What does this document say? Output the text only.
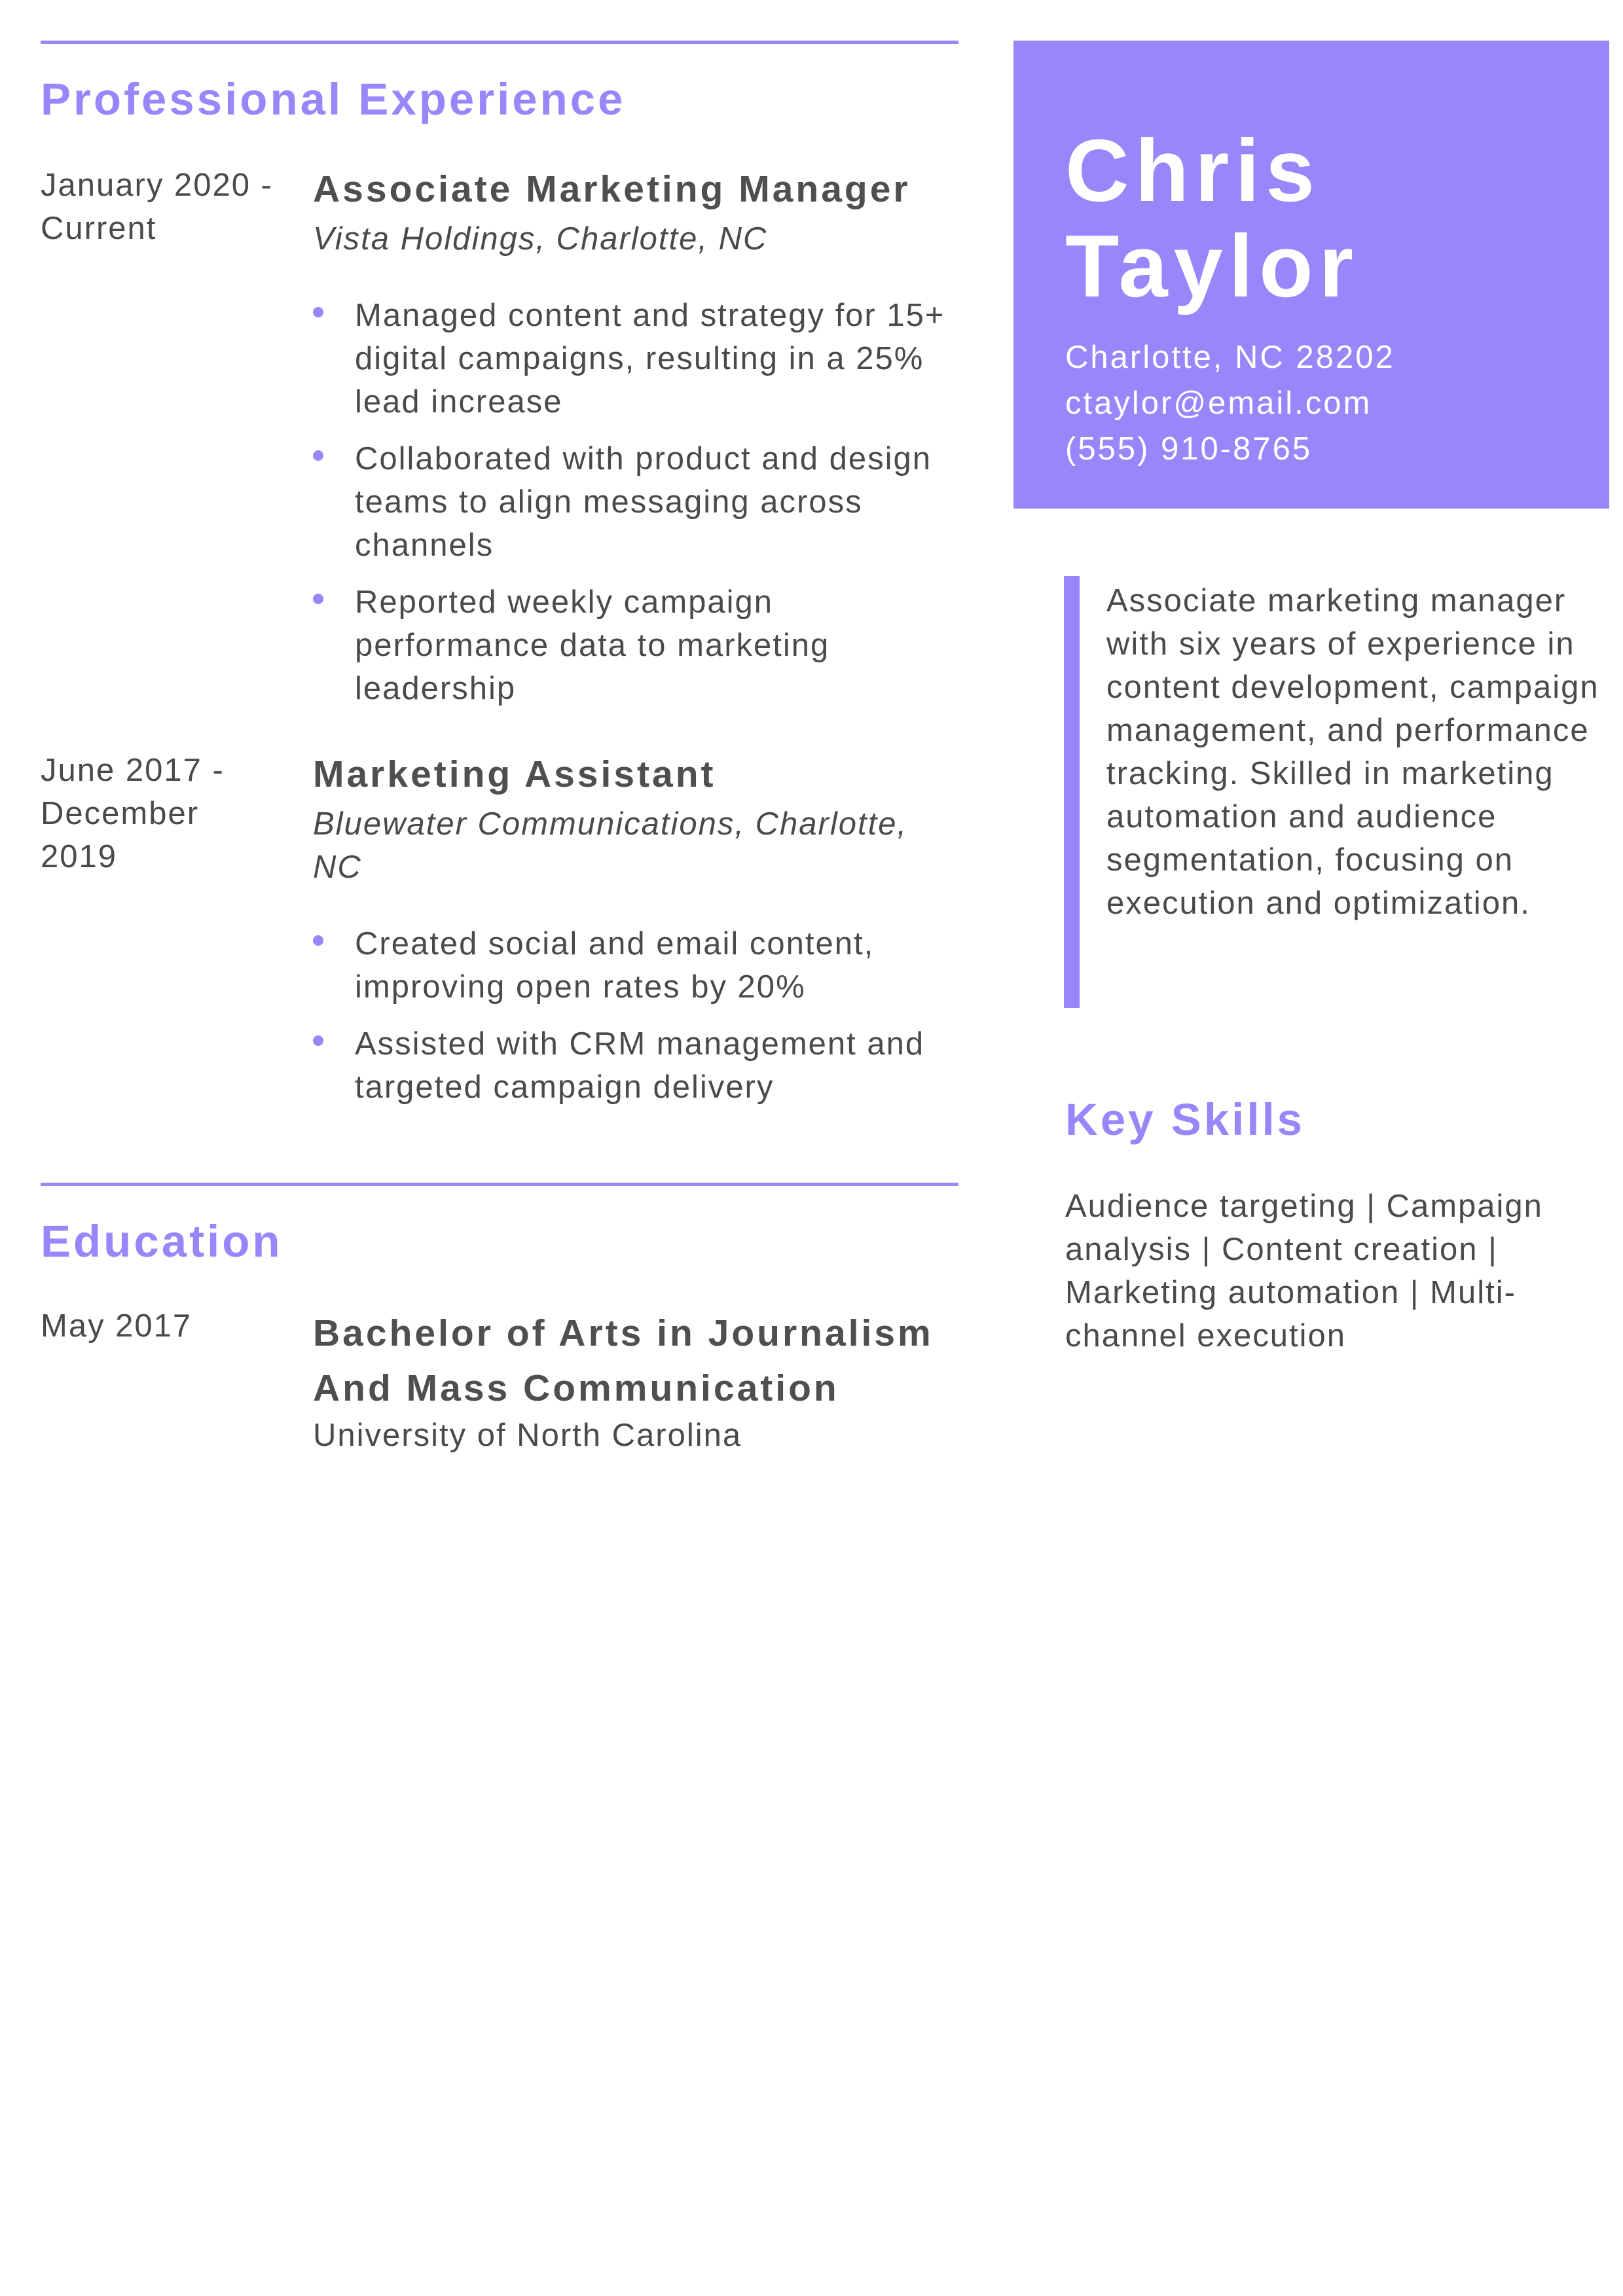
Professional Experience
January 2020 - Current
Associate Marketing Manager
Vista Holdings, Charlotte, NC
Managed content and strategy for 15+ digital campaigns, resulting in a 25% lead increase
Collaborated with product and design teams to align messaging across channels
Reported weekly campaign performance data to marketing leadership
June 2017 - December 2019
Marketing Assistant
Bluewater Communications, Charlotte, NC
Created social and email content, improving open rates by 20%
Assisted with CRM management and targeted campaign delivery
Education
May 2017	Bachelor of Arts in Journalism And Mass Communication
University of North Carolina
Chris
Taylor
Charlotte, NC 28202
ctaylor@email.com
(555) 910-8765
Associate marketing manager with six years of experience in content development, campaign management, and performance tracking. Skilled in marketing automation and audience segmentation, focusing on execution and optimization.
Key Skills
Audience targeting | Campaign analysis | Content creation | Marketing automation | Multi-channel execution
